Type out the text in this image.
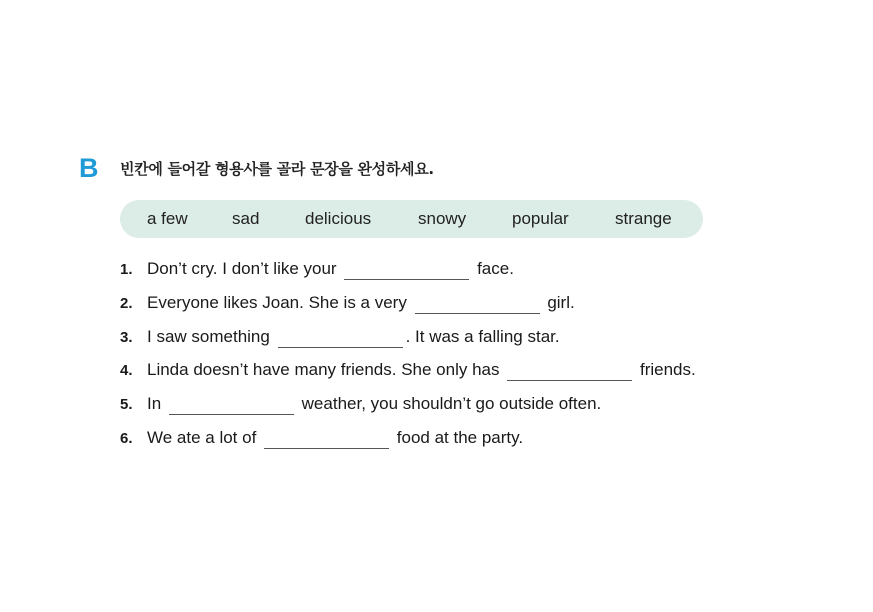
B 빈칸에 들어갈 형용사를 골라 문장을 완성하세요.
a few	sad	delicious	snowy	popular	strange
1. Don’t cry. I don’t like your	face.
2. Everyone likes Joan. She is a very	girl.
3. I saw something	. It was a falling star.
4. Linda doesn’t have many friends. She only has	friends.
5. In	weather, you shouldn’t go outside often.
6. We ate a lot of	food at the party.
